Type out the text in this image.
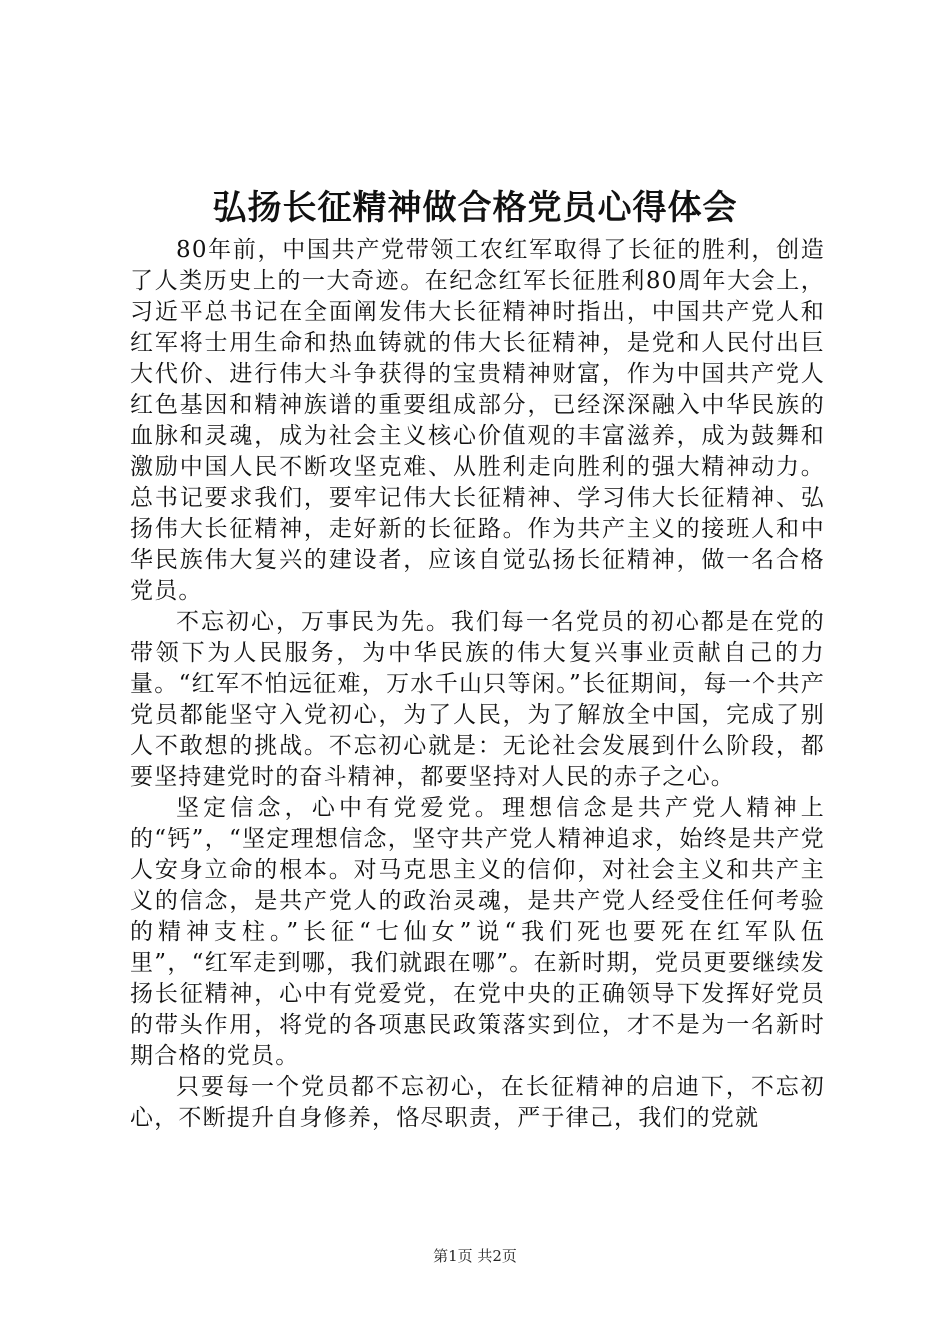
弘扬长征精神做合格党员心得体会

80年前，中国共产党带领工农红军取得了长征的胜利，创造了人类历史上的一大奇迹。在纪念红军长征胜利80周年大会上，习近平总书记在全面阐发伟大长征精神时指出，中国共产党人和红军将士用生命和热血铸就的伟大长征精神，是党和人民付出巨大代价、进行伟大斗争获得的宝贵精神财富，作为中国共产党人红色基因和精神族谱的重要组成部分，已经深深融入中华民族的血脉和灵魂，成为社会主义核心价值观的丰富滋养，成为鼓舞和激励中国人民不断攻坚克难、从胜利走向胜利的强大精神动力。总书记要求我们，要牢记伟大长征精神、学习伟大长征精神、弘扬伟大长征精神，走好新的长征路。作为共产主义的接班人和中华民族伟大复兴的建设者，应该自觉弘扬长征精神，做一名合格党员。

不忘初心，万事民为先。我们每一名党员的初心都是在党的带领下为人民服务，为中华民族的伟大复兴事业贡献自己的力量。“红军不怕远征难，万水千山只等闲。”长征期间，每一个共产党员都能坚守入党初心，为了人民，为了解放全中国，完成了别人不敢想的挑战。不忘初心就是：无论社会发展到什么阶段，都要坚持建党时的奋斗精神，都要坚持对人民的赤子之心。

坚定信念，心中有党爱党。理想信念是共产党人精神上的“钙”，“坚定理想信念，坚守共产党人精神追求，始终是共产党人安身立命的根本。对马克思主义的信仰，对社会主义和共产主义的信念，是共产党人的政治灵魂，是共产党人经受住任何考验的精神支柱。”长征“七仙女”说“我们死也要死在红军队伍里”，“红军走到哪，我们就跟在哪”。在新时期，党员更要继续发扬长征精神，心中有党爱党，在党中央的正确领导下发挥好党员的带头作用，将党的各项惠民政策落实到位，才不是为一名新时期合格的党员。

只要每一个党员都不忘初心，在长征精神的启迪下，不忘初心，不断提升自身修养，恪尽职责，严于律己，我们的党就

第1页 共2页
